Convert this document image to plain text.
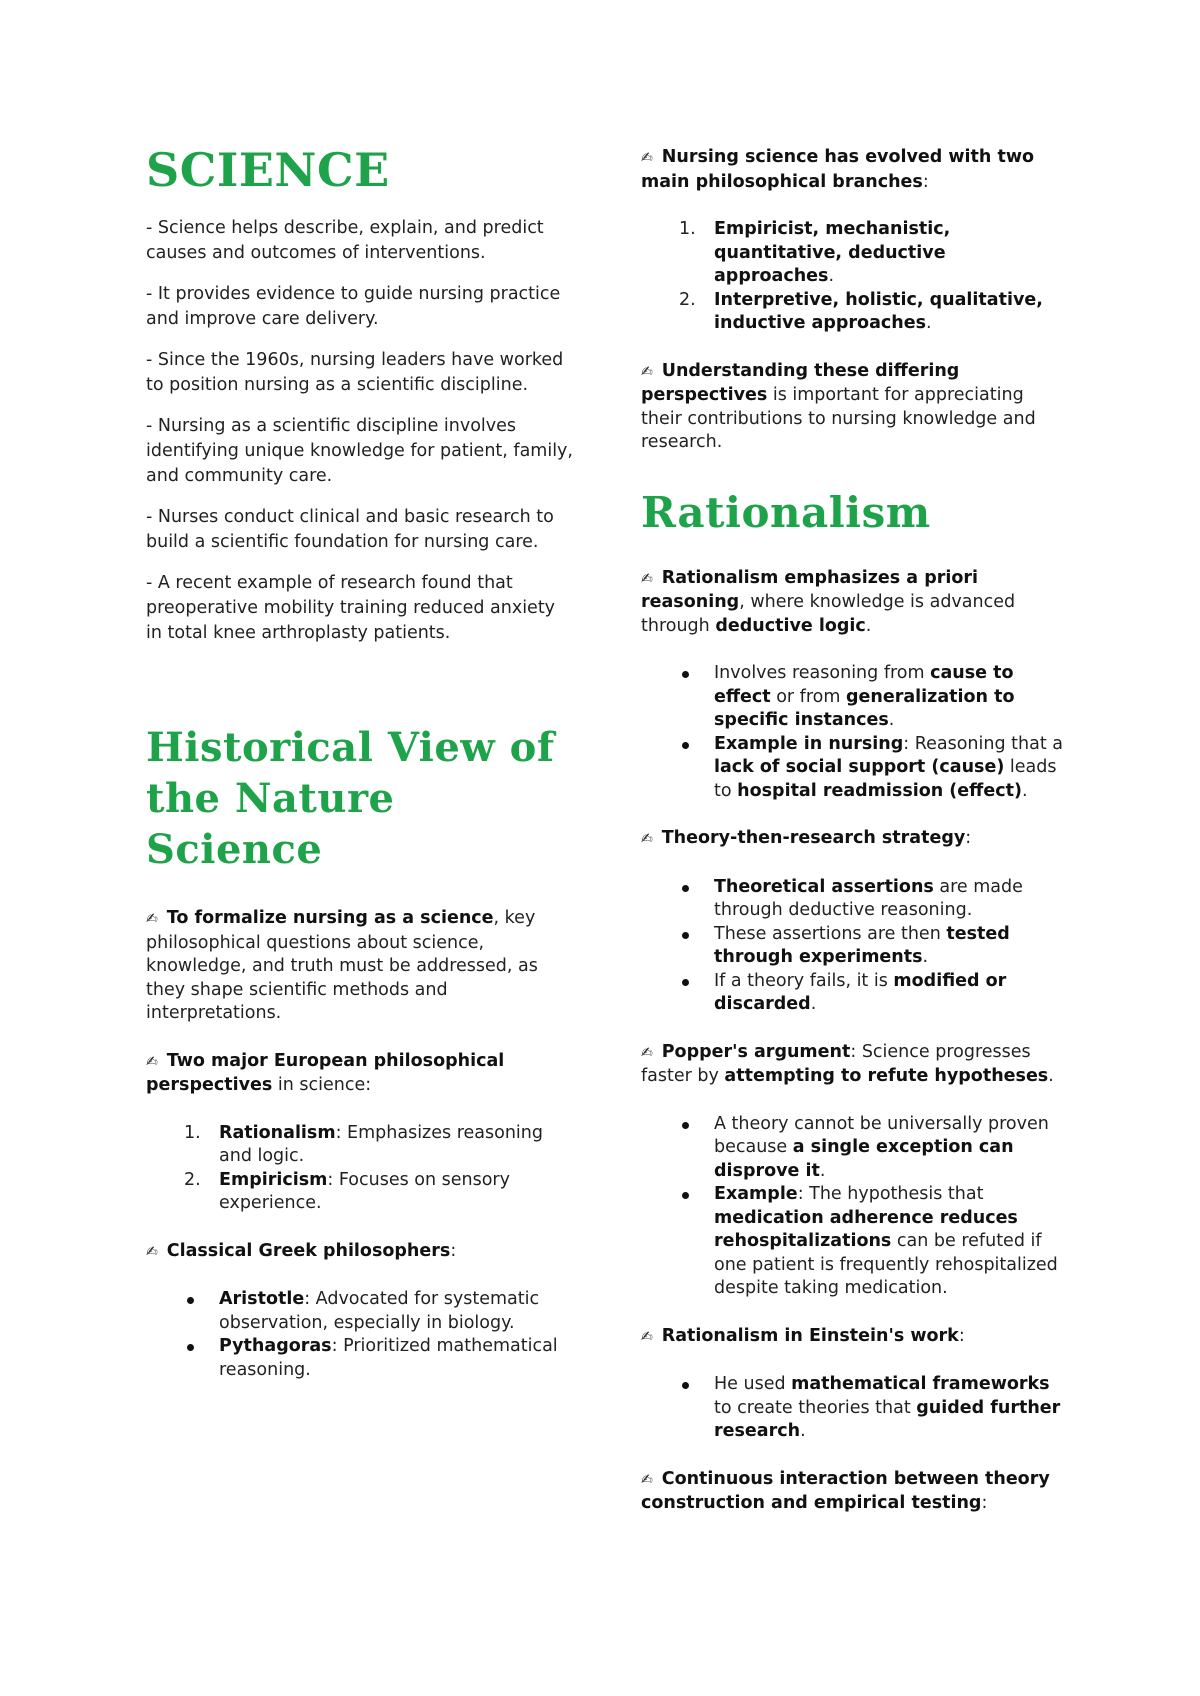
SCIENCE

- Science helps describe, explain, and predict causes and outcomes of interventions.

- It provides evidence to guide nursing practice and improve care delivery.

- Since the 1960s, nursing leaders have worked to position nursing as a scientific discipline.

- Nursing as a scientific discipline involves identifying unique knowledge for patient, family, and community care.

- Nurses conduct clinical and basic research to build a scientific foundation for nursing care.

- A recent example of research found that preoperative mobility training reduced anxiety in total knee arthroplasty patients.

Historical View of the Nature Science

✍ To formalize nursing as a science, key philosophical questions about science, knowledge, and truth must be addressed, as they shape scientific methods and interpretations.

✍ Two major European philosophical perspectives in science:

1. Rationalism: Emphasizes reasoning and logic.
2. Empiricism: Focuses on sensory experience.

✍ Classical Greek philosophers:

Aristotle: Advocated for systematic observation, especially in biology.
Pythagoras: Prioritized mathematical reasoning.

✍ Nursing science has evolved with two main philosophical branches:

1. Empiricist, mechanistic, quantitative, deductive approaches.
2. Interpretive, holistic, qualitative, inductive approaches.

✍ Understanding these differing perspectives is important for appreciating their contributions to nursing knowledge and research.

Rationalism

✍ Rationalism emphasizes a priori reasoning, where knowledge is advanced through deductive logic.

Involves reasoning from cause to effect or from generalization to specific instances.
Example in nursing: Reasoning that a lack of social support (cause) leads to hospital readmission (effect).

✍ Theory-then-research strategy:

Theoretical assertions are made through deductive reasoning.
These assertions are then tested through experiments.
If a theory fails, it is modified or discarded.

✍ Popper's argument: Science progresses faster by attempting to refute hypotheses.

A theory cannot be universally proven because a single exception can disprove it.
Example: The hypothesis that medication adherence reduces rehospitalizations can be refuted if one patient is frequently rehospitalized despite taking medication.

✍ Rationalism in Einstein's work:

He used mathematical frameworks to create theories that guided further research.

✍ Continuous interaction between theory construction and empirical testing:
